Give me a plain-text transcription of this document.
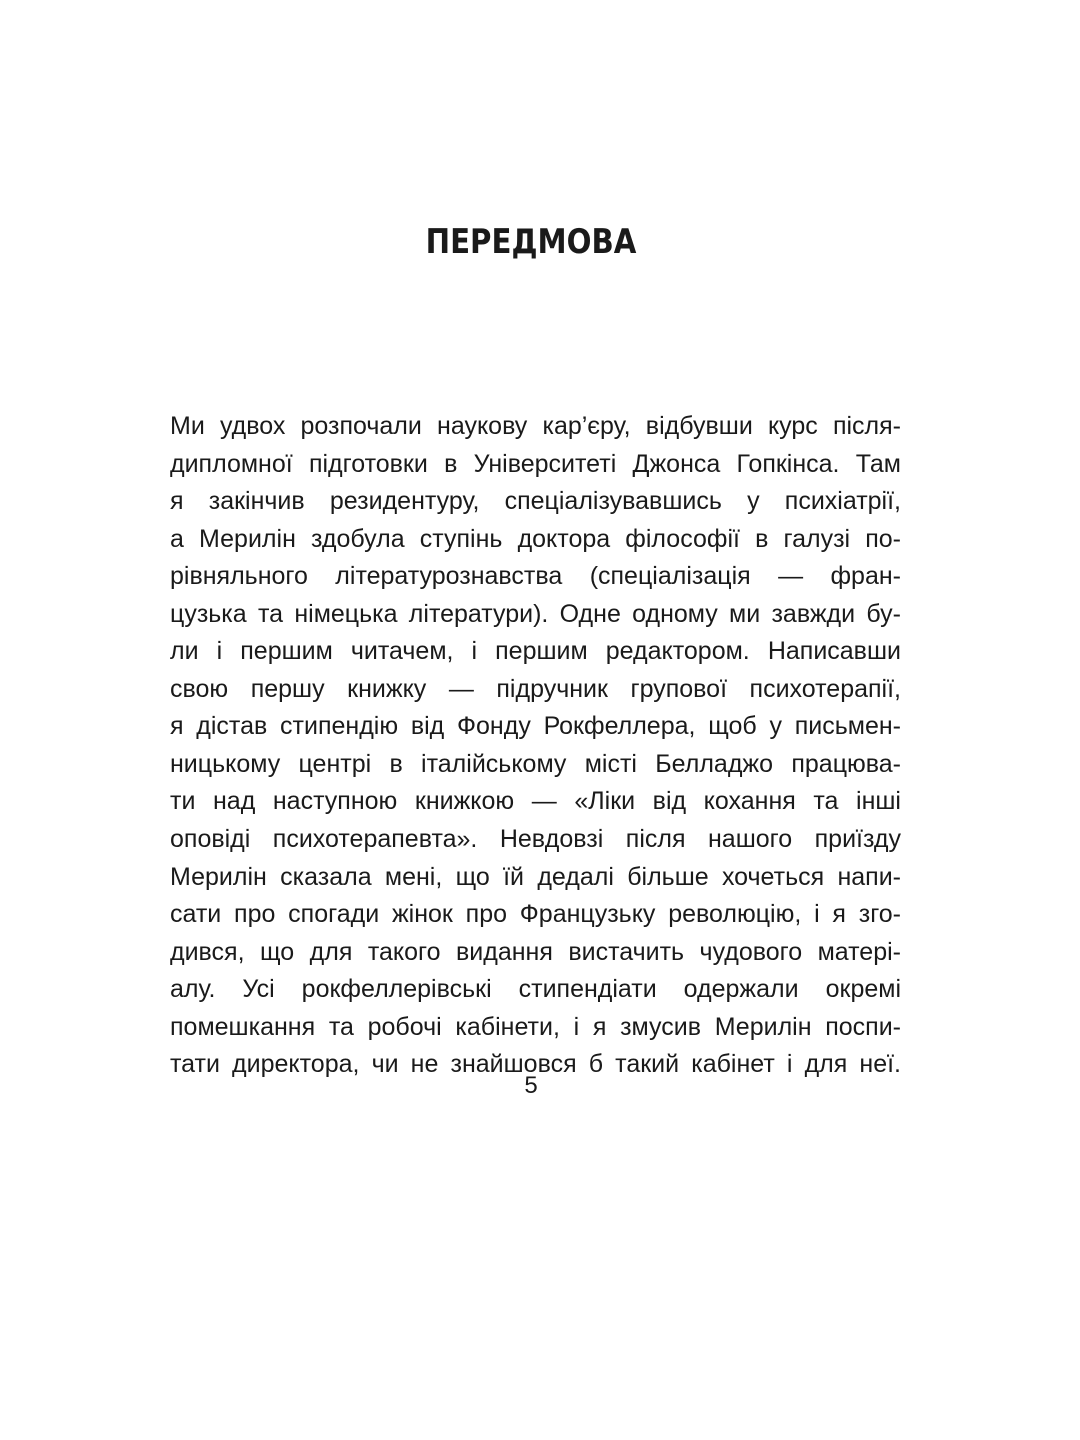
ПЕРЕДМОВА
Ми удвох розпочали наукову кар’єру, відбувши курс після-
дипломної підготовки в Університеті Джонса Гопкінса. Там
я закінчив резидентуру, спеціалізувавшись у психіатрії,
а Мерилін здобула ступінь доктора філософії в галузі по-
рівняльного літературознавства (спеціалізація — фран-
цузька та німецька літератури). Одне одному ми завжди бу-
ли і першим читачем, і першим редактором. Написавши
свою першу книжку — підручник групової психотерапії,
я дістав стипендію від Фонду Рокфеллера, щоб у письмен-
ницькому центрі в італійському місті Белладжо працюва-
ти над наступною книжкою — «Ліки від кохання та інші
оповіді психотерапевта». Невдовзі після нашого приїзду
Мерилін сказала мені, що їй дедалі більше хочеться напи-
сати про спогади жінок про Французьку революцію, і я зго-
дився, що для такого видання вистачить чудового матері-
алу. Усі рокфеллерівські стипендіати одержали окремі
помешкання та робочі кабінети, і я змусив Мерилін поспи-
тати директора, чи не знайшовся б такий кабінет і для неї.
5
